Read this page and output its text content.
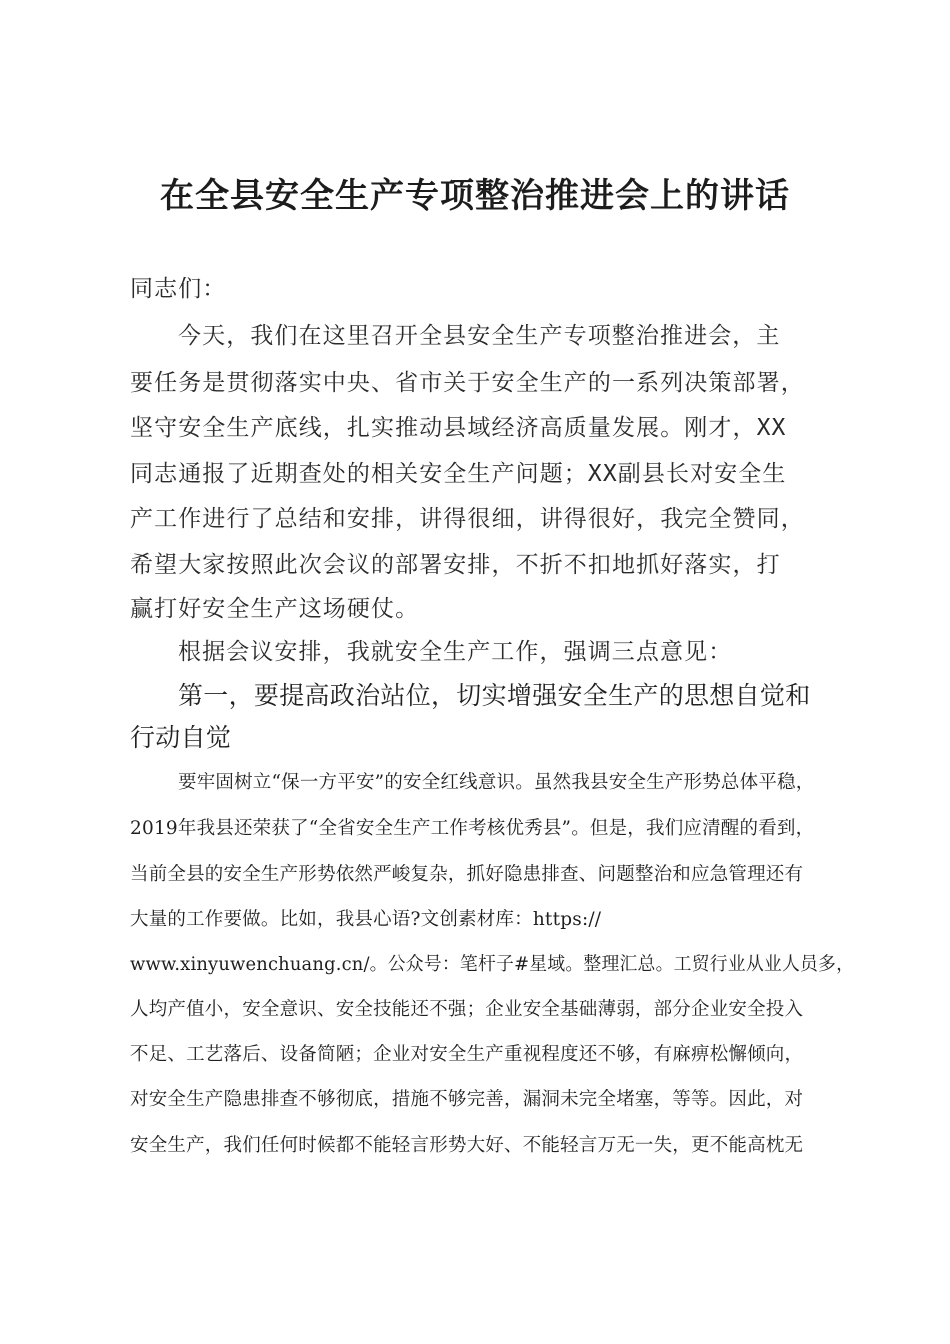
在全县安全生产专项整治推进会上的讲话
同志们：
今天，我们在这里召开全县安全生产专项整治推进会，主
要任务是贯彻落实中央、省市关于安全生产的一系列决策部署，
坚守安全生产底线，扎实推动县域经济高质量发展。刚才，XX
同志通报了近期查处的相关安全生产问题；XX副县长对安全生
产工作进行了总结和安排，讲得很细，讲得很好，我完全赞同，
希望大家按照此次会议的部署安排，不折不扣地抓好落实，打
赢打好安全生产这场硬仗。
根据会议安排，我就安全生产工作，强调三点意见：
第一，要提高政治站位，切实增强安全生产的思想自觉和
行动自觉
要牢固树立“保一方平安”的安全红线意识。虽然我县安全生产形势总体平稳，
2019年我县还荣获了“全省安全生产工作考核优秀县”。但是，我们应清醒的看到，
当前全县的安全生产形势依然严峻复杂，抓好隐患排查、问题整治和应急管理还有
大量的工作要做。比如，我县心语?文创素材库：https://
www.xinyuwenchuang.cn/。公众号：笔杆子#星域。整理汇总。工贸行业从业人员多，
人均产值小，安全意识、安全技能还不强；企业安全基础薄弱，部分企业安全投入
不足、工艺落后、设备简陋；企业对安全生产重视程度还不够，有麻痹松懈倾向，
对安全生产隐患排查不够彻底，措施不够完善，漏洞未完全堵塞，等等。因此，对
安全生产，我们任何时候都不能轻言形势大好、不能轻言万无一失，更不能高枕无
